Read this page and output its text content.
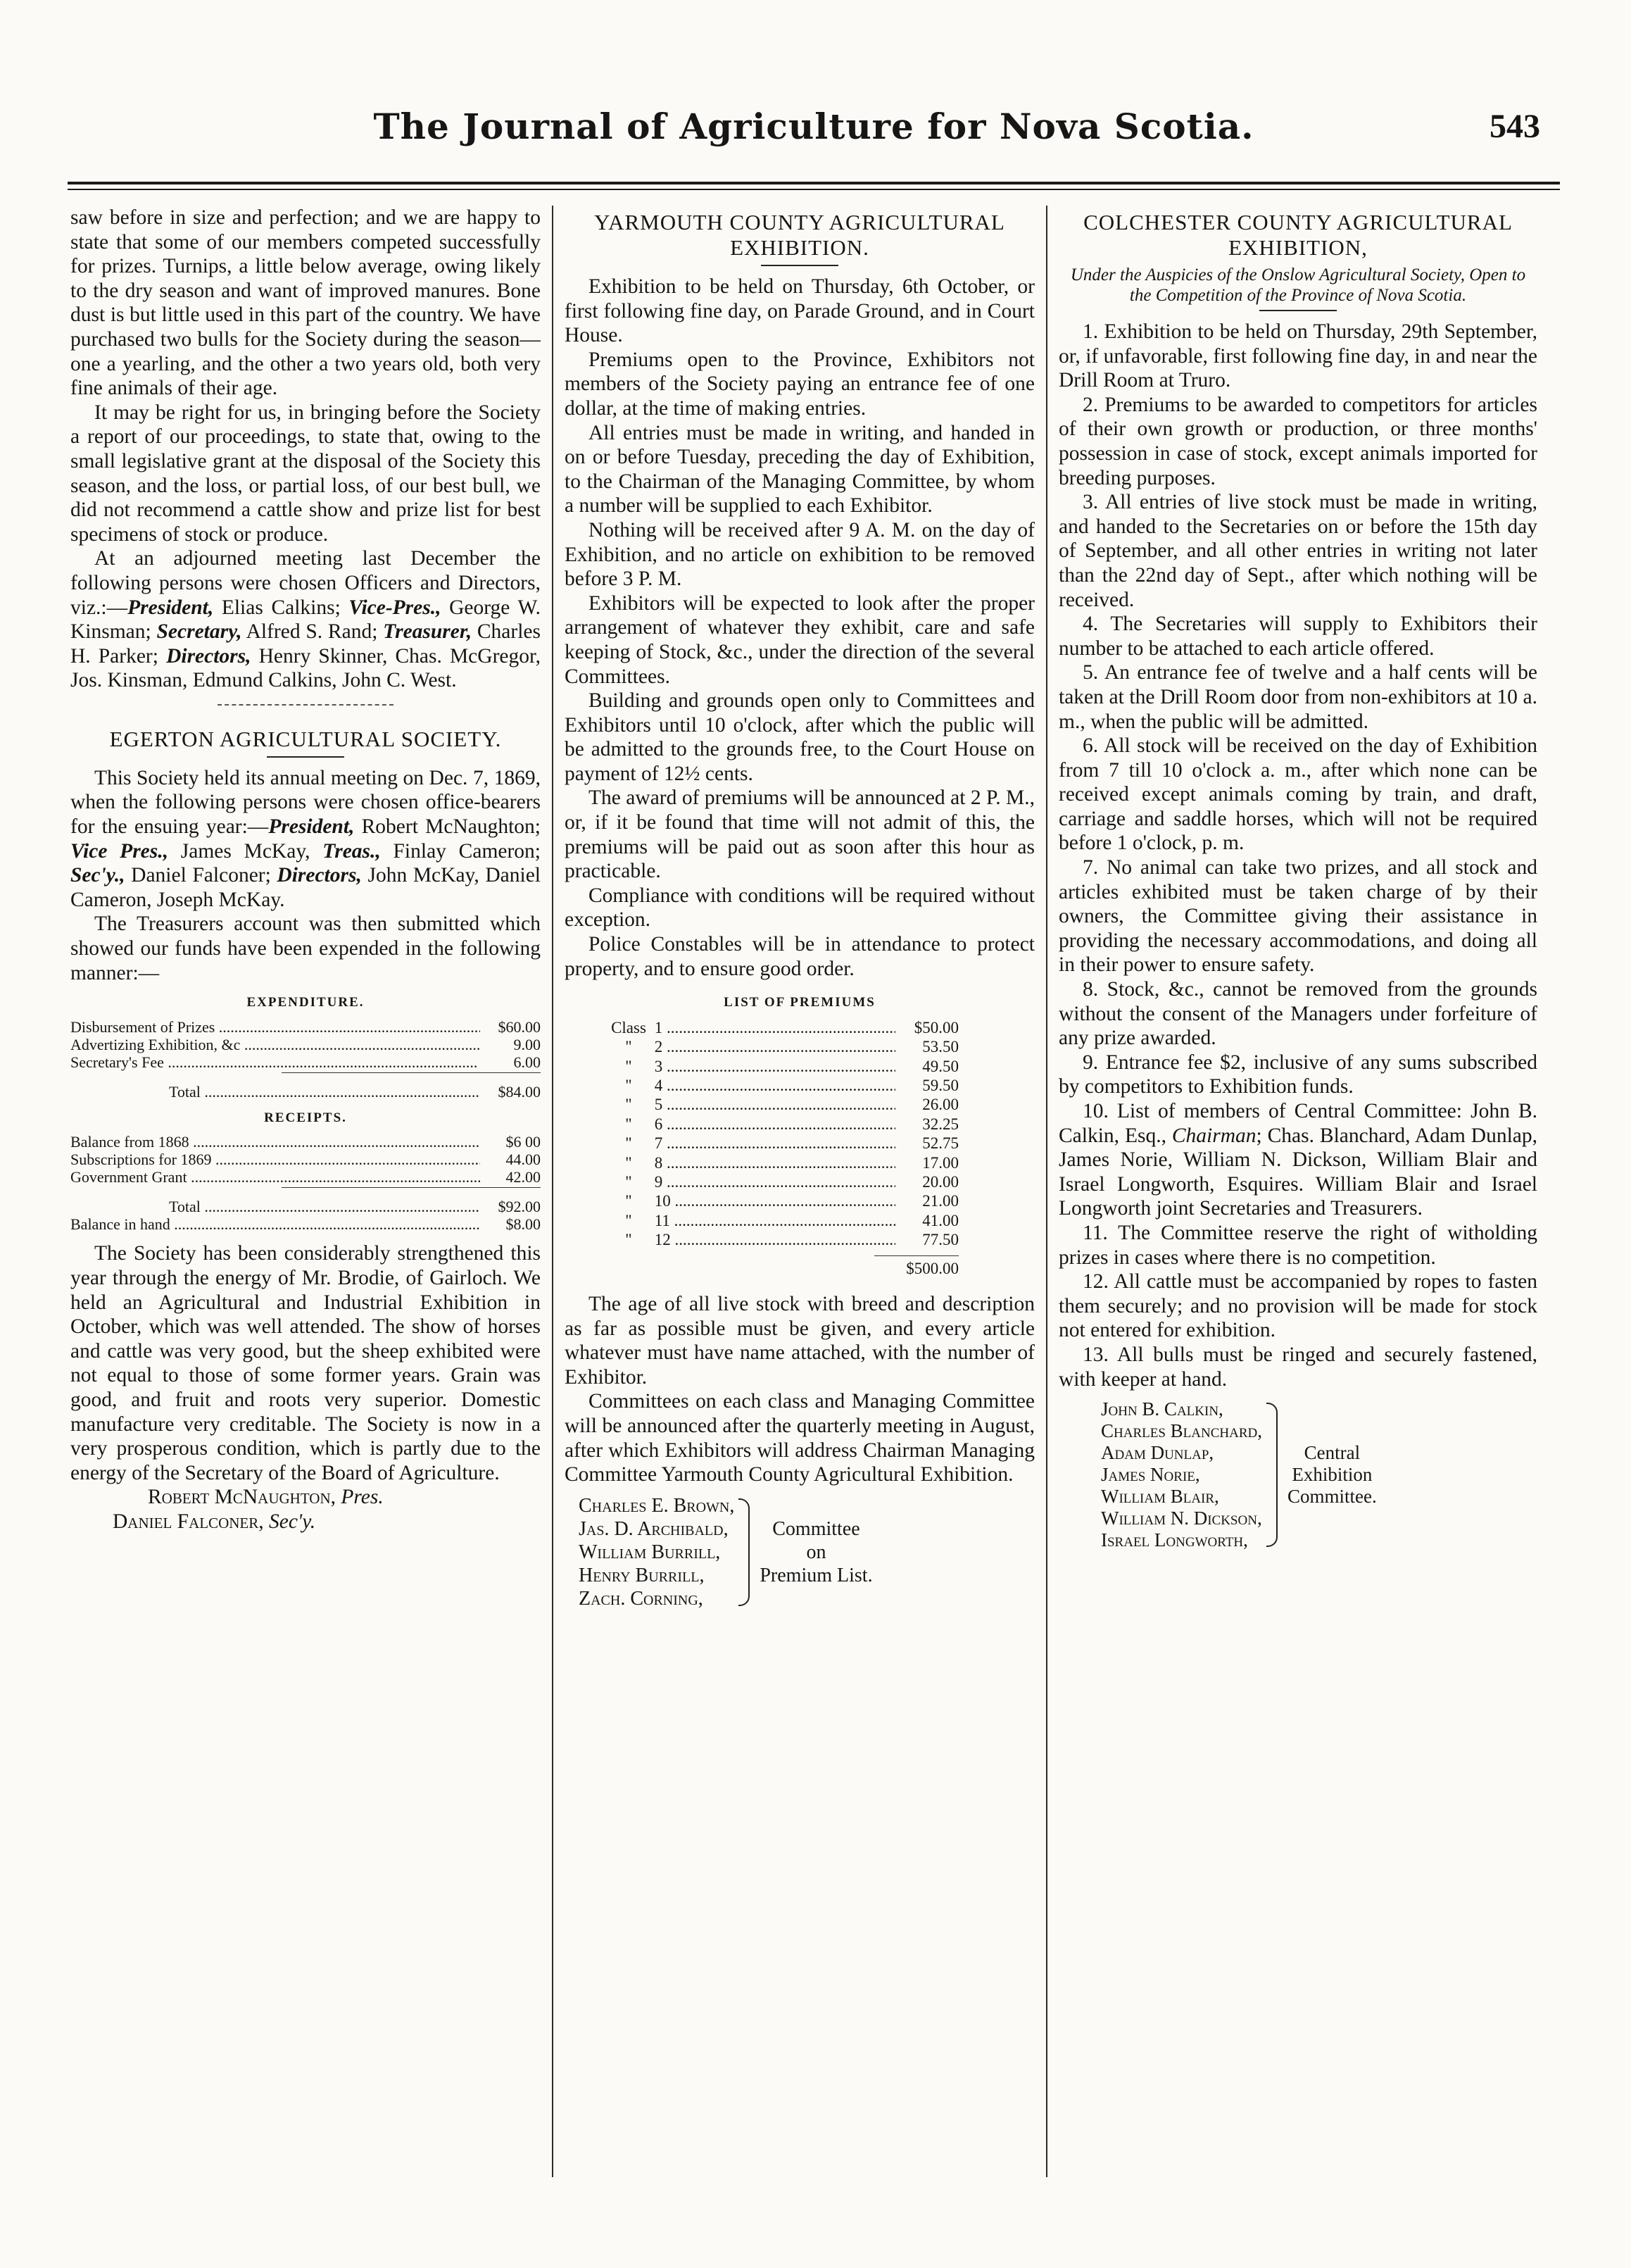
The Journal of Agriculture for Nova Scotia.	543

saw before in size and perfection; and we are happy to state that some of our members competed successfully for prizes. Turnips, a little below average, owing likely to the dry season and want of improved manures. Bone dust is but little used in this part of the country. We have purchased two bulls for the Society during the season—one a yearling, and the other a two years old, both very fine animals of their age.

It may be right for us, in bringing before the Society a report of our proceedings, to state that, owing to the small legislative grant at the disposal of the Society this season, and the loss, or partial loss, of our best bull, we did not recommend a cattle show and prize list for best specimens of stock or produce.

At an adjourned meeting last December the following persons were chosen Officers and Directors, viz.:—President, Elias Calkins; Vice-Pres., George W. Kinsman; Secretary, Alfred S. Rand; Treasurer, Charles H. Parker; Directors, Henry Skinner, Chas. McGregor, Jos. Kinsman, Edmund Calkins, John C. West.

EGERTON AGRICULTURAL SOCIETY.

This Society held its annual meeting on Dec. 7, 1869, when the following persons were chosen office-bearers for the ensuing year:—President, Robert McNaughton; Vice Pres., James McKay, Treas., Finlay Cameron; Sec'y., Daniel Falconer; Directors, John McKay, Daniel Cameron, Joseph McKay.

The Treasurers account was then submitted which showed our funds have been expended in the following manner:—

EXPENDITURE.
Disbursement of Prizes .....	$60.00
Advertizing Exhibition, &c .....	9.00
Secretary's Fee .....	6.00
Total .....	$84.00
RECEIPTS.
Balance from 1868 .....	$6 00
Subscriptions for 1869 .....	44.00
Government Grant .....	42.00
Total .....	$92.00
Balance in hand .....	$8.00

The Society has been considerably strengthened this year through the energy of Mr. Brodie, of Gairloch. We held an Agricultural and Industrial Exhibition in October, which was well attended. The show of horses and cattle was very good, but the sheep exhibited were not equal to those of some former years. Grain was good, and fruit and roots very superior. Domestic manufacture very creditable. The Society is now in a very prosperous condition, which is partly due to the energy of the Secretary of the Board of Agriculture.

Robert McNaughton, Pres.

Daniel Falconer, Sec'y.

YARMOUTH COUNTY AGRICULTURAL EXHIBITION.

Exhibition to be held on Thursday, 6th October, or first following fine day, on Parade Ground, and in Court House.

Premiums open to the Province, Exhibitors not members of the Society paying an entrance fee of one dollar, at the time of making entries.

All entries must be made in writing, and handed in on or before Tuesday, preceding the day of Exhibition, to the Chairman of the Managing Committee, by whom a number will be supplied to each Exhibitor.

Nothing will be received after 9 A. M. on the day of Exhibition, and no article on exhibition to be removed before 3 P. M.

Exhibitors will be expected to look after the proper arrangement of whatever they exhibit, care and safe keeping of Stock, &c., under the direction of the several Committees.

Building and grounds open only to Committees and Exhibitors until 10 o'clock, after which the public will be admitted to the grounds free, to the Court House on payment of 12½ cents.

The award of premiums will be announced at 2 P. M., or, if it be found that time will not admit of this, the premiums will be paid out as soon after this hour as practicable.

Compliance with conditions will be required without exception.

Police Constables will be in attendance to protect property, and to ensure good order.

LIST OF PREMIUMS
Class 1 .....	$50.00
" 2 .....	53.50
" 3 .....	49.50
" 4 .....	59.50
" 5 .....	26.00
" 6 .....	32.25
" 7 .....	52.75
" 8 .....	17.00
" 9 .....	20.00
" 10 .....	21.00
" 11 .....	41.00
" 12 .....	77.50
$500.00

The age of all live stock with breed and description as far as possible must be given, and every article whatever must have name attached, with the number of Exhibitor.

Committees on each class and Managing Committee will be announced after the quarterly meeting in August, after which Exhibitors will address Chairman Managing Committee Yarmouth County Agricultural Exhibition.

Charles E. Brown,
Jas. D. Archibald,
William Burrill,
Henry Burrill,
Zach. Corning,
Committee
on
Premium List.
COLCHESTER COUNTY AGRICULTURAL EXHIBITION,
Under the Auspicies of the Onslow Agricultural Society, Open to the Competition of the Province of Nova Scotia.

1. Exhibition to be held on Thursday, 29th September, or, if unfavorable, first following fine day, in and near the Drill Room at Truro.

2. Premiums to be awarded to competitors for articles of their own growth or production, or three months' possession in case of stock, except animals imported for breeding purposes.

3. All entries of live stock must be made in writing, and handed to the Secretaries on or before the 15th day of September, and all other entries in writing not later than the 22nd day of Sept., after which nothing will be received.

4. The Secretaries will supply to Exhibitors their number to be attached to each article offered.

5. An entrance fee of twelve and a half cents will be taken at the Drill Room door from non-exhibitors at 10 a. m., when the public will be admitted.

6. All stock will be received on the day of Exhibition from 7 till 10 o'clock a. m., after which none can be received except animals coming by train, and draft, carriage and saddle horses, which will not be required before 1 o'clock, p. m.

7. No animal can take two prizes, and all stock and articles exhibited must be taken charge of by their owners, the Committee giving their assistance in providing the necessary accommodations, and doing all in their power to ensure safety.

8. Stock, &c., cannot be removed from the grounds without the consent of the Managers under forfeiture of any prize awarded.

9. Entrance fee $2, inclusive of any sums subscribed by competitors to Exhibition funds.

10. List of members of Central Committee: John B. Calkin, Esq., Chairman; Chas. Blanchard, Adam Dunlap, James Norie, William N. Dickson, William Blair and Israel Longworth, Esquires. William Blair and Israel Longworth joint Secretaries and Treasurers.

11. The Committee reserve the right of witholding prizes in cases where there is no competition.

12. All cattle must be accompanied by ropes to fasten them securely; and no provision will be made for stock not entered for exhibition.

13. All bulls must be ringed and securely fastened, with keeper at hand.

John B. Calkin,
Charles Blanchard,
Adam Dunlap,
James Norie,
William Blair,
William N. Dickson,
Israel Longworth,
Central
Exhibition
Committee.
